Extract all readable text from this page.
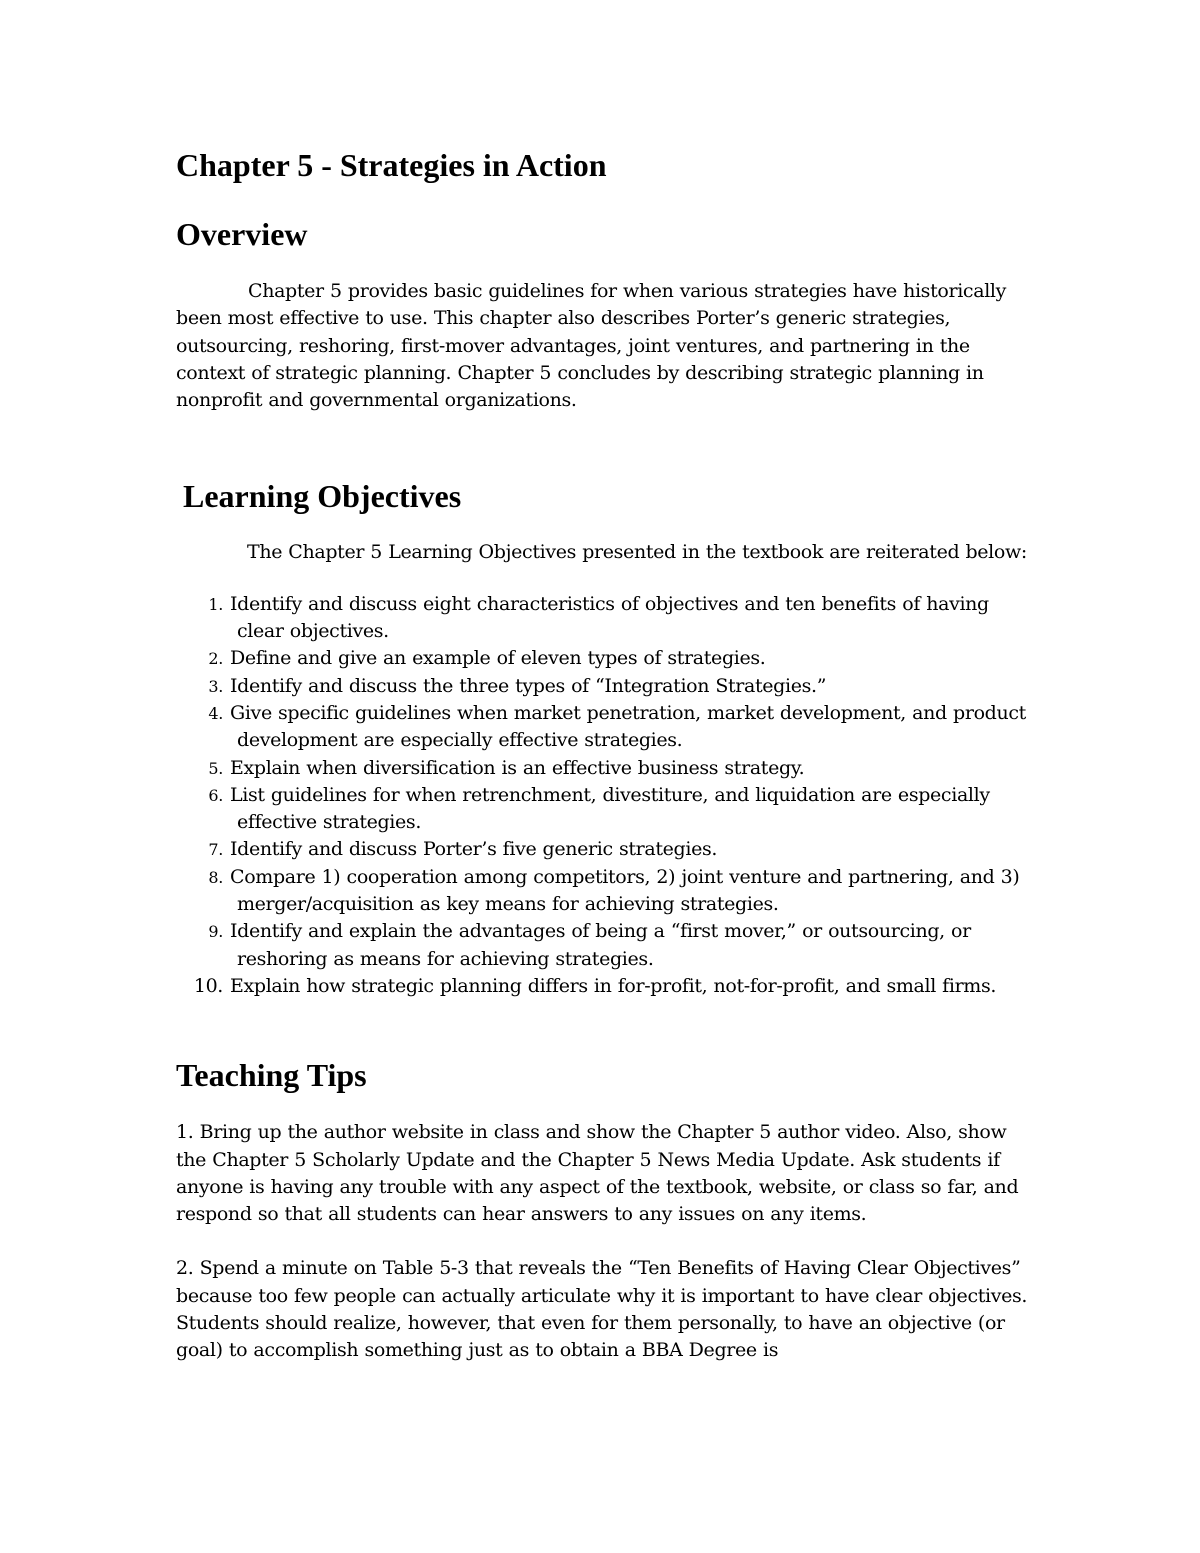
Chapter 5 - Strategies in Action
Overview

Chapter 5 provides basic guidelines for when various strategies have historically been most effective to use. This chapter also describes Porter’s generic strategies, outsourcing, reshoring, first-mover advantages, joint ventures, and partnering in the context of strategic planning. Chapter 5 concludes by describing strategic planning in nonprofit and governmental organizations.

Learning Objectives

The Chapter 5 Learning Objectives presented in the textbook are reiterated below:

1. Identify and discuss eight characteristics of objectives and ten benefits of having
clear objectives.
2. Define and give an example of eleven types of strategies.
3. Identify and discuss the three types of “Integration Strategies.”
4. Give specific guidelines when market penetration, market development, and product
development are especially effective strategies.
5. Explain when diversification is an effective business strategy.
6. List guidelines for when retrenchment, divestiture, and liquidation are especially
effective strategies.
7. Identify and discuss Porter’s five generic strategies.
8. Compare 1) cooperation among competitors, 2) joint venture and partnering, and 3)
merger/acquisition as key means for achieving strategies.
9. Identify and explain the advantages of being a “first mover,” or outsourcing, or
reshoring as means for achieving strategies.
10. Explain how strategic planning differs in for-profit, not-for-profit, and small firms.
Teaching Tips

1. Bring up the author website in class and show the Chapter 5 author video. Also, show the Chapter 5 Scholarly Update and the Chapter 5 News Media Update. Ask students if anyone is having any trouble with any aspect of the textbook, website, or class so far, and respond so that all students can hear answers to any issues on any items.

2. Spend a minute on Table 5-3 that reveals the “Ten Benefits of Having Clear Objectives” because too few people can actually articulate why it is important to have clear objectives. Students should realize, however, that even for them personally, to have an objective (or goal) to accomplish something just as to obtain a BBA Degree is
